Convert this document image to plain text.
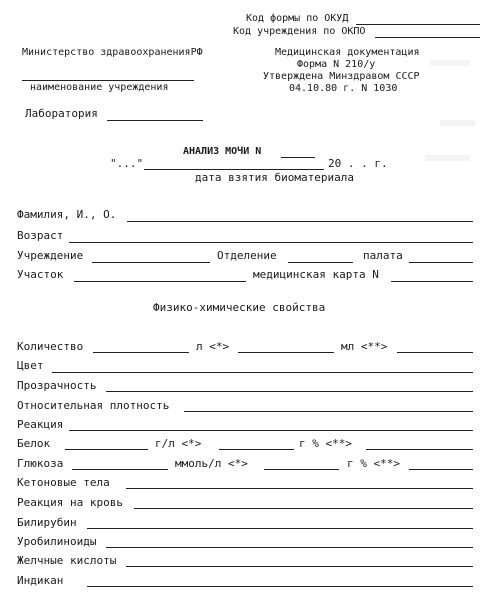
Код формы по ОКУД
Код учреждения по ОКПО
Министерство здравоохраненияРФ
наименование учреждения
Медицинская документация
Форма N 210/у
Утверждена Минздравом СССР
04.10.80 г. N 1030
Лаборатория
АНАЛИЗ МОЧИ N
"..."	20 . . г.
дата взятия биоматериала
Фамилия, И., О.
Возраст
Учреждение	Отделение	палата
Участок	медицинская карта N
Физико-химические свойства
Количество	л <*>	мл <**>
Цвет
Прозрачность
Относительная плотность
Реакция
Белок	г/л <*>	г % <**>
Глюкоза	ммоль/л <*>	г % <**>
Кетоновые тела
Реакция на кровь
Билирубин
Уробилиноиды
Желчные кислоты
Индикан
